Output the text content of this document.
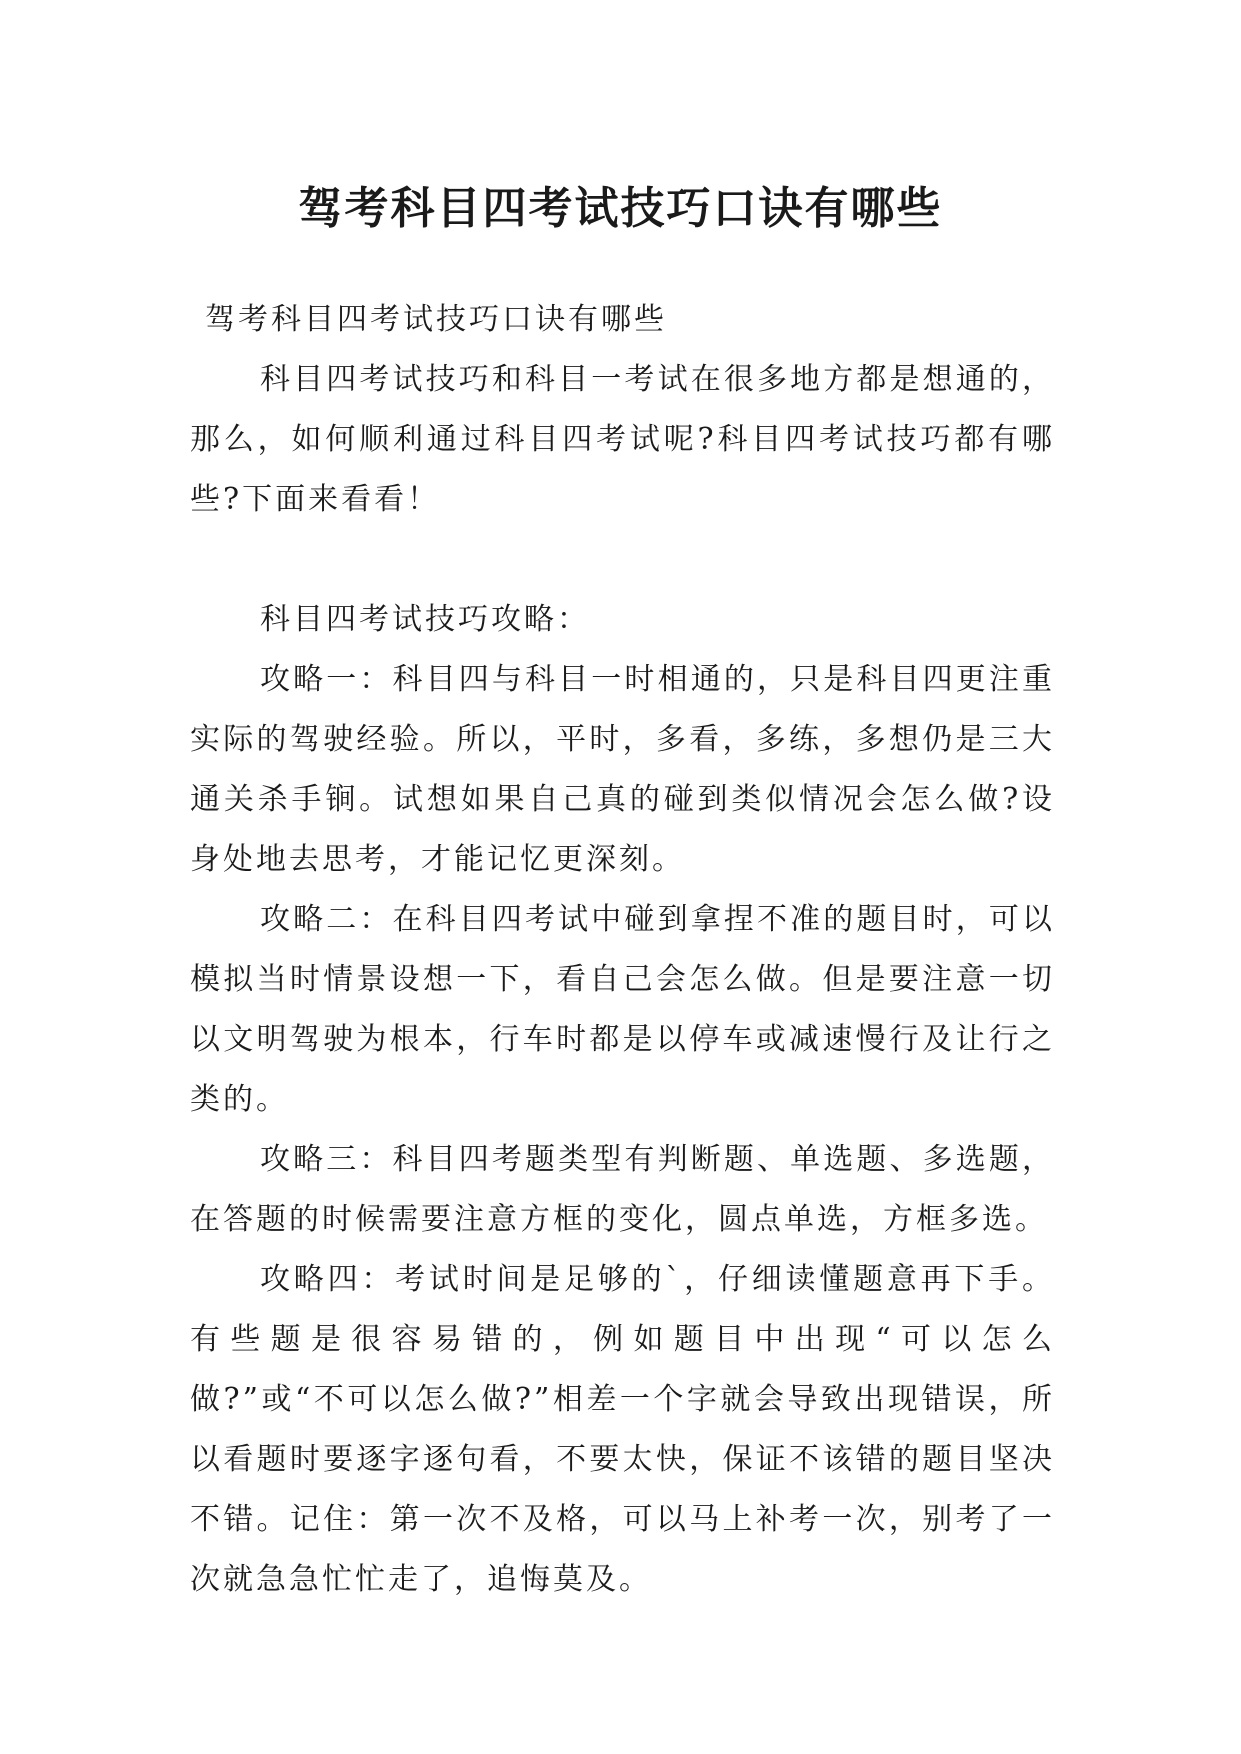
驾考科目四考试技巧口诀有哪些

驾考科目四考试技巧口诀有哪些

科目四考试技巧和科目一考试在很多地方都是想通的，那么，如何顺利通过科目四考试呢?科目四考试技巧都有哪些?下面来看看！

科目四考试技巧攻略：

攻略一：科目四与科目一时相通的，只是科目四更注重实际的驾驶经验。所以，平时，多看，多练，多想仍是三大通关杀手锏。试想如果自己真的碰到类似情况会怎么做?设身处地去思考，才能记忆更深刻。

攻略二：在科目四考试中碰到拿捏不准的题目时，可以模拟当时情景设想一下，看自己会怎么做。但是要注意一切以文明驾驶为根本，行车时都是以停车或减速慢行及让行之类的。

攻略三：科目四考题类型有判断题、单选题、多选题，在答题的时候需要注意方框的变化，圆点单选，方框多选。

攻略四：考试时间是足够的`，仔细读懂题意再下手。有些题是很容易错的，例如题目中出现“可以怎么做?”或“不可以怎么做?”相差一个字就会导致出现错误，所以看题时要逐字逐句看，不要太快，保证不该错的题目坚决不错。记住：第一次不及格，可以马上补考一次，别考了一次就急急忙忙走了，追悔莫及。
